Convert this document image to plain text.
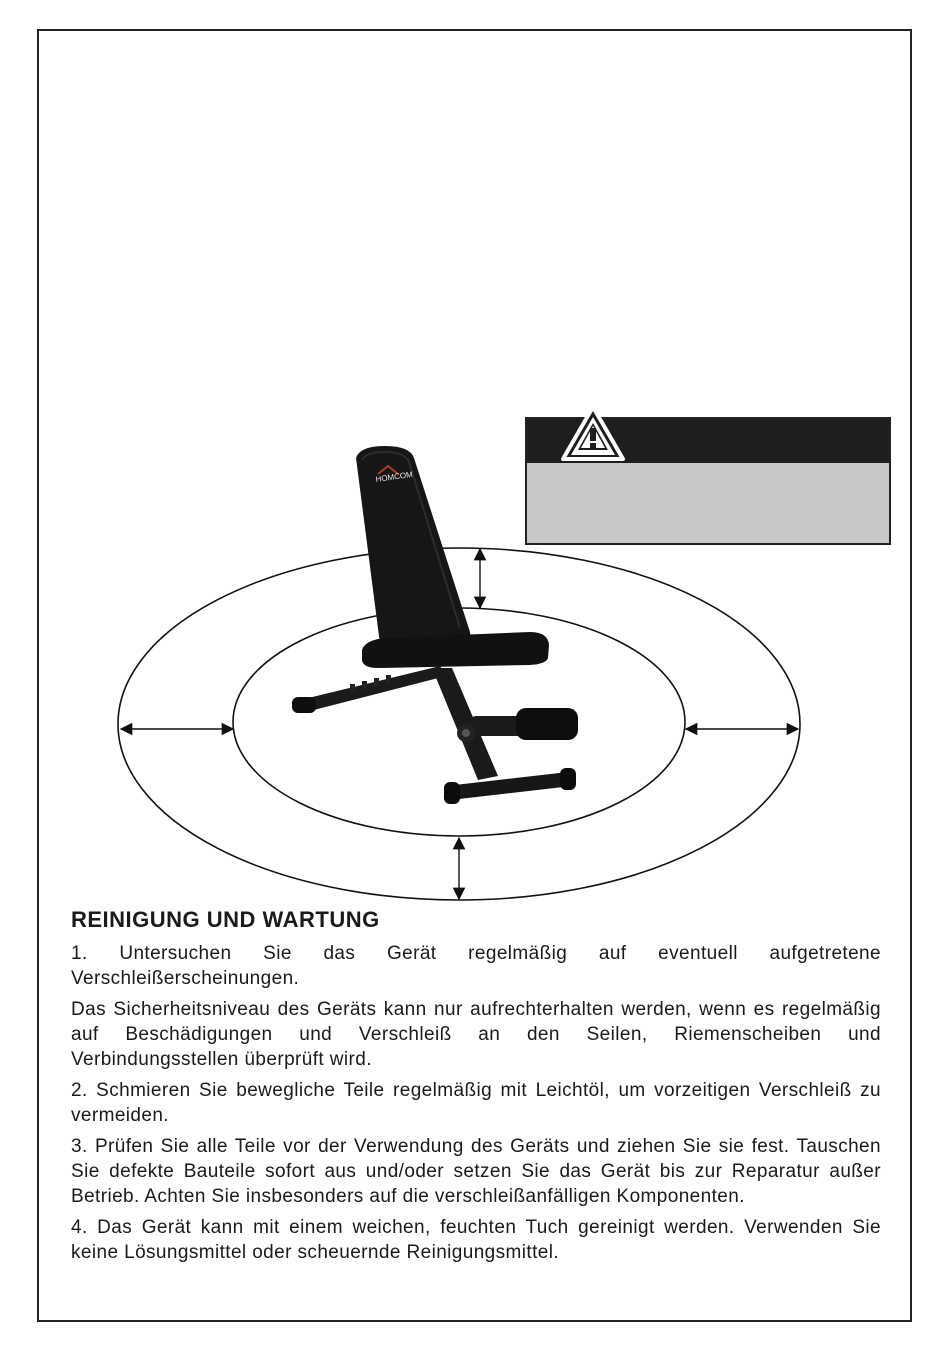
HOMCOM
REINIGUNG UND WARTUNG

1. Untersuchen Sie das Gerät regelmäßig auf eventuell aufgetretene Verschleißerscheinungen.

Das Sicherheitsniveau des Geräts kann nur aufrechterhalten werden, wenn es regelmäßig auf Beschädigungen und Verschleiß an den Seilen, Riemenscheiben und Verbindungsstellen überprüft wird.

2. Schmieren Sie bewegliche Teile regelmäßig mit Leichtöl, um vorzeitigen Verschleiß zu vermeiden.

3. Prüfen Sie alle Teile vor der Verwendung des Geräts und ziehen Sie sie fest. Tauschen Sie defekte Bauteile sofort aus und/oder setzen Sie das Gerät bis zur Reparatur außer Betrieb. Achten Sie insbesonders auf die verschleißanfälligen Komponenten.

4. Das Gerät kann mit einem weichen, feuchten Tuch gereinigt werden. Verwenden Sie keine Lösungsmittel oder scheuernde Reinigungsmittel.
